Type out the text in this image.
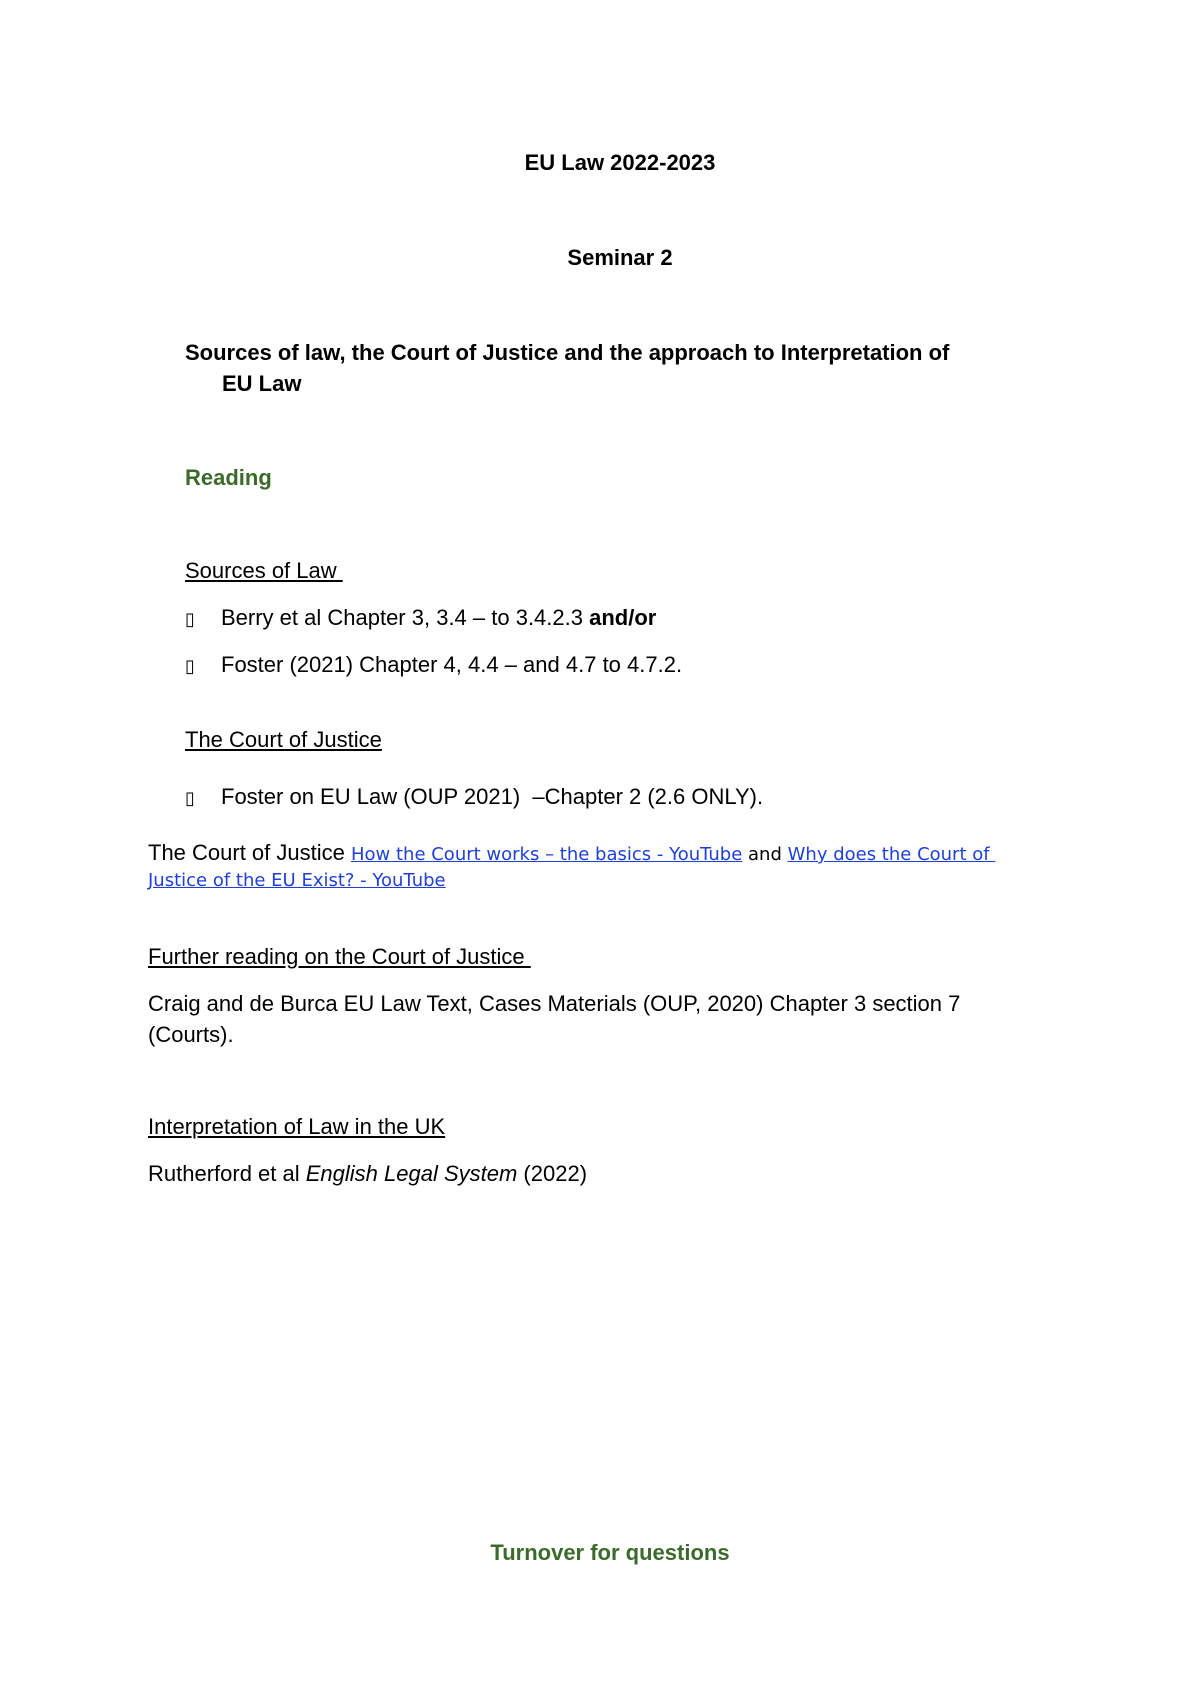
EU Law 2022-2023
Seminar 2
Sources of law, the Court of Justice and the approach to Interpretation of
EU Law
Reading
Sources of Law
▯ Berry et al Chapter 3, 3.4 – to 3.4.2.3 and/or
▯ Foster (2021) Chapter 4, 4.4 – and 4.7 to 4.7.2.
The Court of Justice
▯ Foster on EU Law (OUP 2021)  –Chapter 2 (2.6 ONLY).
The Court of Justice How the Court works – the basics - YouTube and Why does the Court of
Justice of the EU Exist? - YouTube
Further reading on the Court of Justice
Craig and de Burca EU Law Text, Cases Materials (OUP, 2020) Chapter 3 section 7
(Courts).
Interpretation of Law in the UK
Rutherford et al English Legal System (2022)
Turnover for questions
